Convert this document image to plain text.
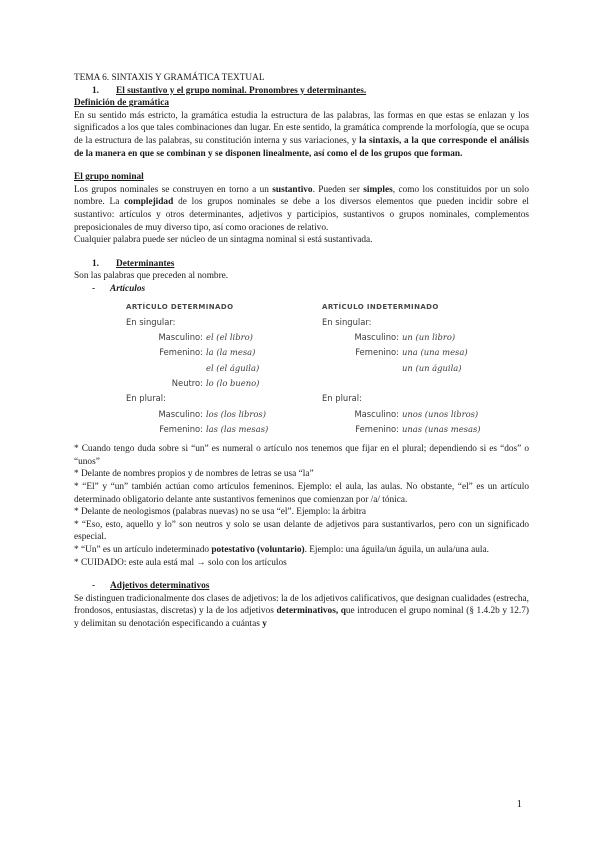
TEMA 6. SINTAXIS Y GRAMÁTICA TEXTUAL

1. El sustantivo y el grupo nominal. Pronombres y determinantes.

Definición de gramática

En su sentido más estricto, la gramática estudia la estructura de las palabras, las formas en que estas se enlazan y los significados a los que tales combinaciones dan lugar. En este sentido, la gramática comprende la morfología, que se ocupa de la estructura de las palabras, su constitución interna y sus variaciones, y la sintaxis, a la que corresponde el análisis de la manera en que se combinan y se disponen linealmente, así como el de los grupos que forman.

El grupo nominal

Los grupos nominales se construyen en torno a un sustantivo. Pueden ser simples, como los constituidos por un solo nombre. La complejidad de los grupos nominales se debe a los diversos elementos que pueden incidir sobre el sustantivo: artículos y otros determinantes, adjetivos y participios, sustantivos o grupos nominales, complementos preposicionales de muy diverso tipo, así como oraciones de relativo.

Cualquier palabra puede ser núcleo de un sintagma nominal si está sustantivada.

1. Determinantes

Son las palabras que preceden al nombre.

- Artículos

ARTÍCULO DETERMINADO
En singular:
Masculino: el (el libro)
Femenino: la (la mesa)
el (el águila)
Neutro: lo (lo bueno)
En plural:
Masculino: los (los libros)
Femenino: las (las mesas)
ARTÍCULO INDETERMINADO
En singular:
Masculino: un (un libro)
Femenino: una (una mesa)
un (un águila)

En plural:
Masculino: unos (unos libros)
Femenino: unas (unas mesas)

* Cuando tengo duda sobre si “un” es numeral o artículo nos tenemos que fijar en el plural; dependiendo si es “dos” o “unos”

* Delante de nombres propios y de nombres de letras se usa “la”

* “El” y “un” también actúan como artículos femeninos. Ejemplo: el aula, las aulas. No obstante, “el” es un artículo determinado obligatorio delante ante sustantivos femeninos que comienzan por /a/ tónica.

* Delante de neologismos (palabras nuevas) no se usa “el”. Ejemplo: la árbitra

* “Eso, esto, aquello y lo” son neutros y solo se usan delante de adjetivos para sustantivarlos, pero con un significado especial.

* “Un” es un artículo indeterminado potestativo (voluntario). Ejemplo: una águila/un águila, un aula/una aula.

* CUIDADO: este aula está mal → solo con los artículos

- Adjetivos determinativos

Se distinguen tradicionalmente dos clases de adjetivos: la de los adjetivos calificativos, que designan cualidades (estrecha, frondosos, entusiastas, discretas) y la de los adjetivos determinativos, que introducen el grupo nominal (§ 1.4.2b y 12.7) y delimitan su denotación especificando a cuántas y

1
